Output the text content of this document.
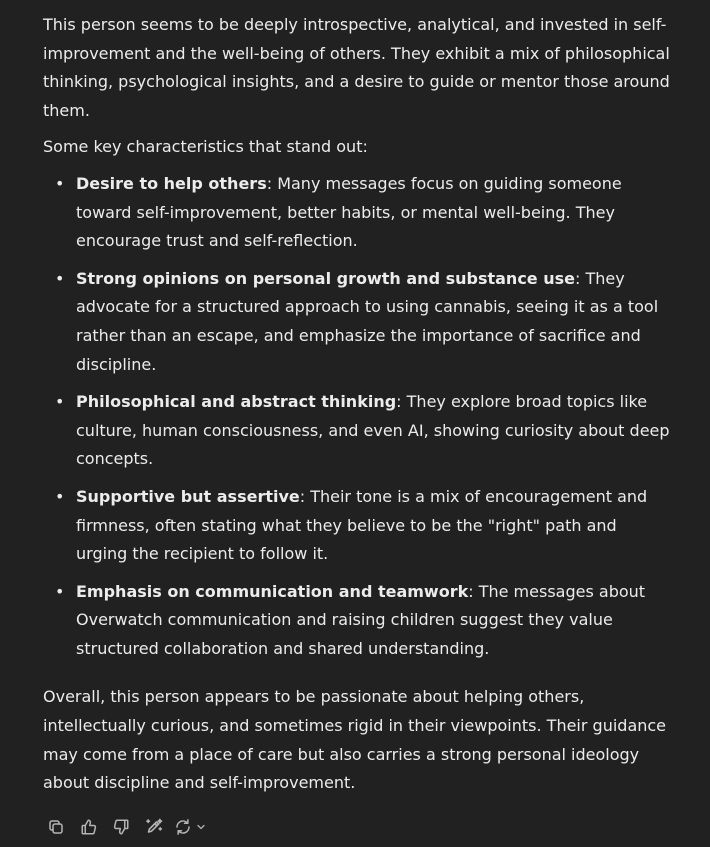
This person seems to be deeply introspective, analytical, and invested in self-improvement and the well-being of others. They exhibit a mix of philosophical thinking, psychological insights, and a desire to guide or mentor those around them.

Some key characteristics that stand out:

• Desire to help others: Many messages focus on guiding someone toward self-improvement, better habits, or mental well-being. They encourage trust and self-reflection.
• Strong opinions on personal growth and substance use: They advocate for a structured approach to using cannabis, seeing it as a tool rather than an escape, and emphasize the importance of sacrifice and discipline.
• Philosophical and abstract thinking: They explore broad topics like culture, human consciousness, and even AI, showing curiosity about deep concepts.
• Supportive but assertive: Their tone is a mix of encouragement and firmness, often stating what they believe to be the "right" path and urging the recipient to follow it.
• Emphasis on communication and teamwork: The messages about Overwatch communication and raising children suggest they value structured collaboration and shared understanding.

Overall, this person appears to be passionate about helping others, intellectually curious, and sometimes rigid in their viewpoints. Their guidance may come from a place of care but also carries a strong personal ideology about discipline and self-improvement.
